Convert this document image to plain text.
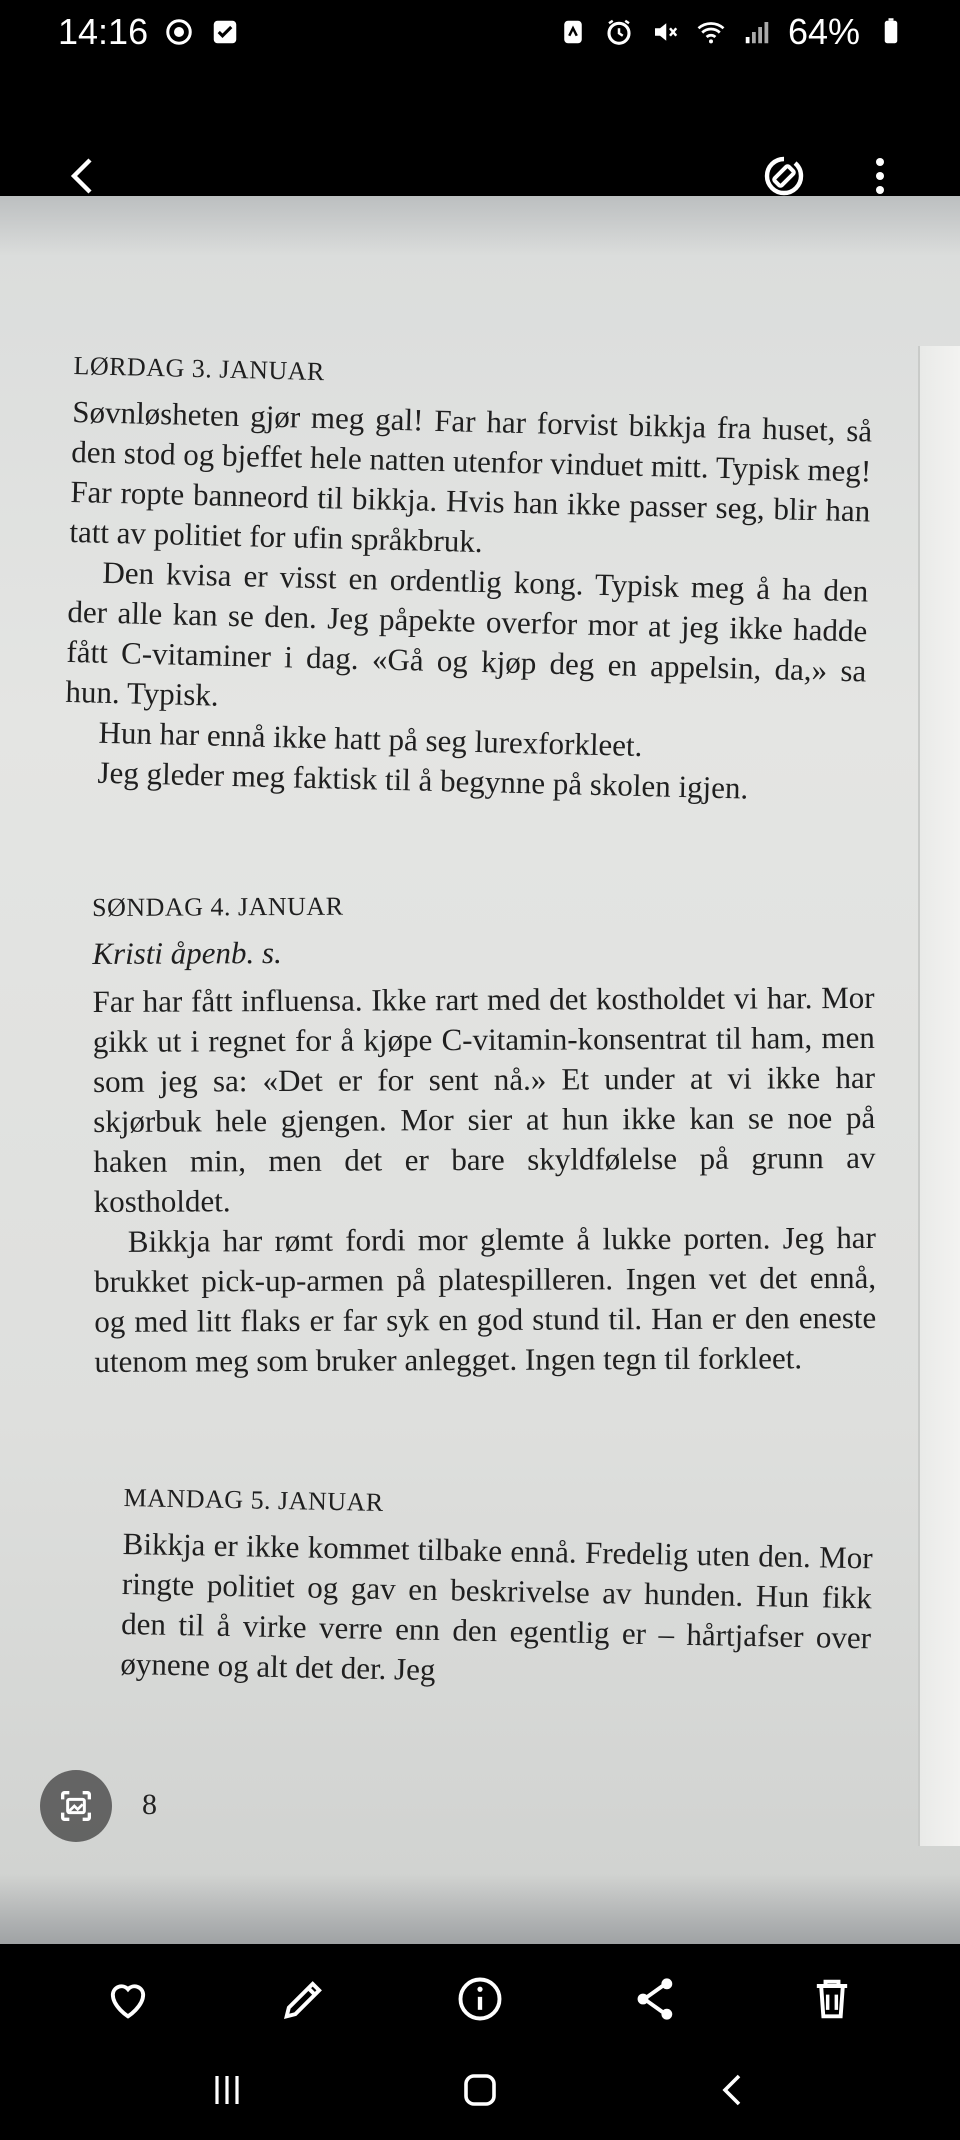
14:16	64%
LØRDAG 3. JANUAR

Søvnløsheten gjør meg gal! Far har forvist bikkja fra huset, så den stod og bjeffet hele natten utenfor vinduet mitt. Typisk meg! Far ropte banneord til bikkja. Hvis han ikke passer seg, blir han tatt av politiet for ufin språkbruk.

Den kvisa er visst en ordentlig kong. Typisk meg å ha den der alle kan se den. Jeg påpekte overfor mor at jeg ikke hadde fått C-vitaminer i dag. «Gå og kjøp deg en appelsin, da,» sa hun. Typisk.

Hun har ennå ikke hatt på seg lurexforkleet.

Jeg gleder meg faktisk til å begynne på skolen igjen.

SØNDAG 4. JANUAR

Kristi åpenb. s.

Far har fått influensa. Ikke rart med det kostholdet vi har. Mor gikk ut i regnet for å kjøpe C-vitamin-konsentrat til ham, men som jeg sa: «Det er for sent nå.» Et under at vi ikke har skjørbuk hele gjengen. Mor sier at hun ikke kan se noe på haken min, men det er bare skyldfølelse på grunn av kostholdet.

Bikkja har rømt fordi mor glemte å lukke porten. Jeg har brukket pick-up-armen på platespilleren. Ingen vet det ennå, og med litt flaks er far syk en god stund til. Han er den eneste utenom meg som bruker anlegget. Ingen tegn til forkleet.

MANDAG 5. JANUAR

Bikkja er ikke kommet tilbake ennå. Fredelig uten den. Mor ringte politiet og gav en beskrivelse av hunden. Hun fikk den til å virke verre enn den egentlig er – hårtjafser over øynene og alt det der. Jeg

8
